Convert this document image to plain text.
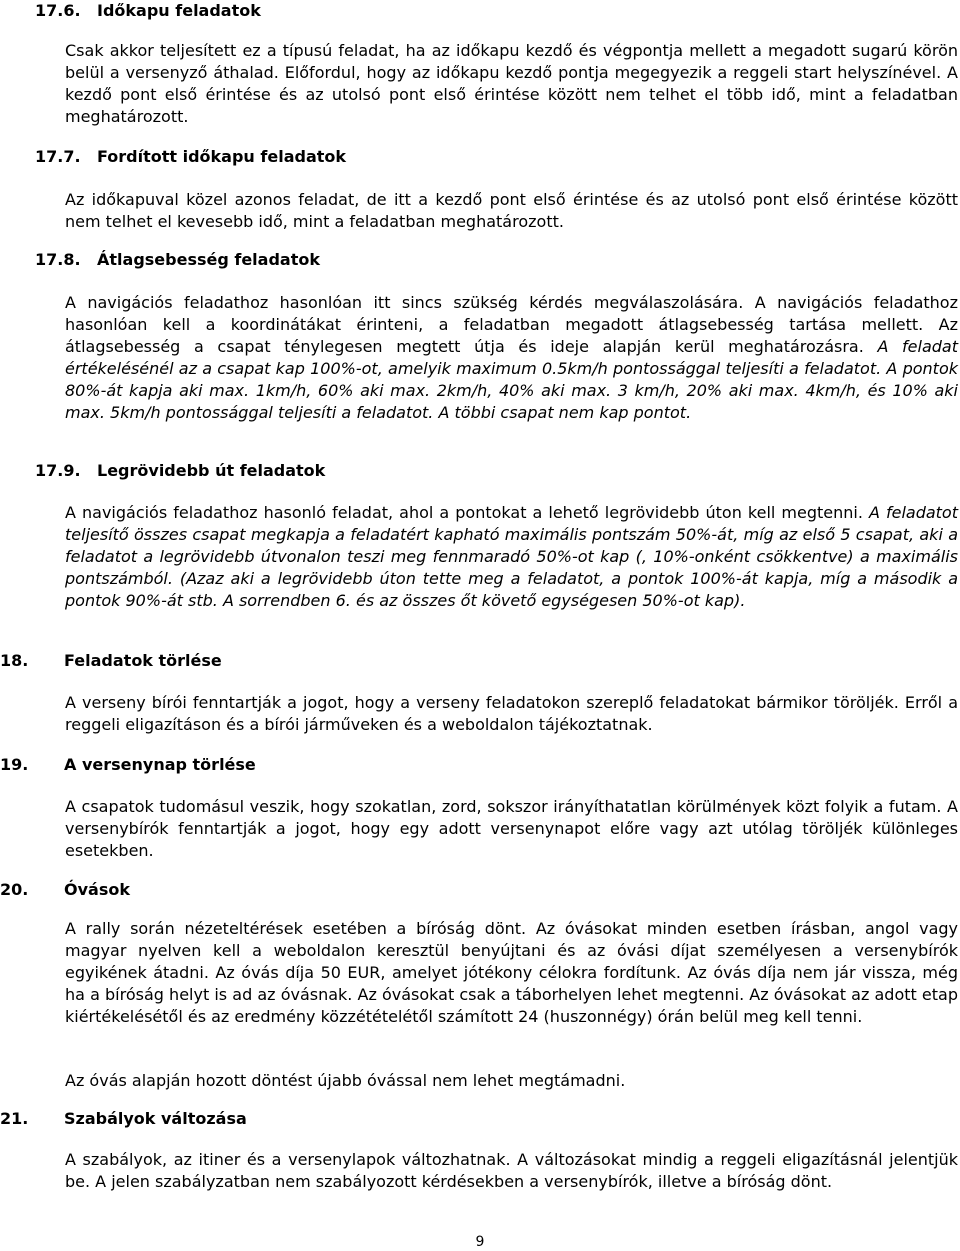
17.6. Időkapu feladatok

Csak akkor teljesített ez a típusú feladat, ha az időkapu kezdő és végpontja mellett a megadott sugarú körön belül a versenyző áthalad. Előfordul, hogy az időkapu kezdő pontja megegyezik a reggeli start helyszínével. A kezdő pont első érintése és az utolsó pont első érintése között nem telhet el több idő, mint a feladatban meghatározott.

17.7. Fordított időkapu feladatok

Az időkapuval közel azonos feladat, de itt a kezdő pont első érintése és az utolsó pont első érintése között nem telhet el kevesebb idő, mint a feladatban meghatározott.

17.8. Átlagsebesség feladatok

A navigációs feladathoz hasonlóan itt sincs szükség kérdés megválaszolására. A navigációs feladathoz hasonlóan kell a koordinátákat érinteni, a feladatban megadott átlagsebesség tartása mellett. Az átlagsebesség a csapat ténylegesen megtett útja és ideje alapján kerül meghatározásra. A feladat értékelésénél az a csapat kap 100%-ot, amelyik maximum 0.5km/h pontossággal teljesíti a feladatot. A pontok 80%-át kapja aki max. 1km/h, 60% aki max. 2km/h, 40% aki max. 3 km/h, 20% aki max. 4km/h, és 10% aki max. 5km/h pontossággal teljesíti a feladatot. A többi csapat nem kap pontot.

17.9. Legrövidebb út feladatok

A navigációs feladathoz hasonló feladat, ahol a pontokat a lehető legrövidebb úton kell megtenni. A feladatot teljesítő összes csapat megkapja a feladatért kapható maximális pontszám 50%-át, míg az első 5 csapat, aki a feladatot a legrövidebb útvonalon teszi meg fennmaradó 50%-ot kap (, 10%-onként csökkentve) a maximális pontszámból. (Azaz aki a legrövidebb úton tette meg a feladatot, a pontok 100%-át kapja, míg a második a pontok 90%-át stb. A sorrendben 6. és az összes őt követő egységesen 50%-ot kap).

18. Feladatok törlése

A verseny bírói fenntartják a jogot, hogy a verseny feladatokon szereplő feladatokat bármikor töröljék. Erről a reggeli eligazításon és a bírói járműveken és a weboldalon tájékoztatnak.

19. A versenynap törlése

A csapatok tudomásul veszik, hogy szokatlan, zord, sokszor irányíthatatlan körülmények közt folyik a futam. A versenybírók fenntartják a jogot, hogy egy adott versenynapot előre vagy azt utólag töröljék különleges esetekben.

20. Óvások

A rally során nézeteltérések esetében a bíróság dönt. Az óvásokat minden esetben írásban, angol vagy magyar nyelven kell a weboldalon keresztül benyújtani és az óvási díjat személyesen a versenybírók egyikének átadni. Az óvás díja 50 EUR, amelyet jótékony célokra fordítunk. Az óvás díja nem jár vissza, még ha a bíróság helyt is ad az óvásnak. Az óvásokat csak a táborhelyen lehet megtenni. Az óvásokat az adott etap kiértékelésétől és az eredmény közzétételétől számított 24 (huszonnégy) órán belül meg kell tenni.

Az óvás alapján hozott döntést újabb óvással nem lehet megtámadni.

21. Szabályok változása

A szabályok, az itiner és a versenylapok változhatnak. A változásokat mindig a reggeli eligazításnál jelentjük be. A jelen szabályzatban nem szabályozott kérdésekben a versenybírók, illetve a bíróság dönt.

9
